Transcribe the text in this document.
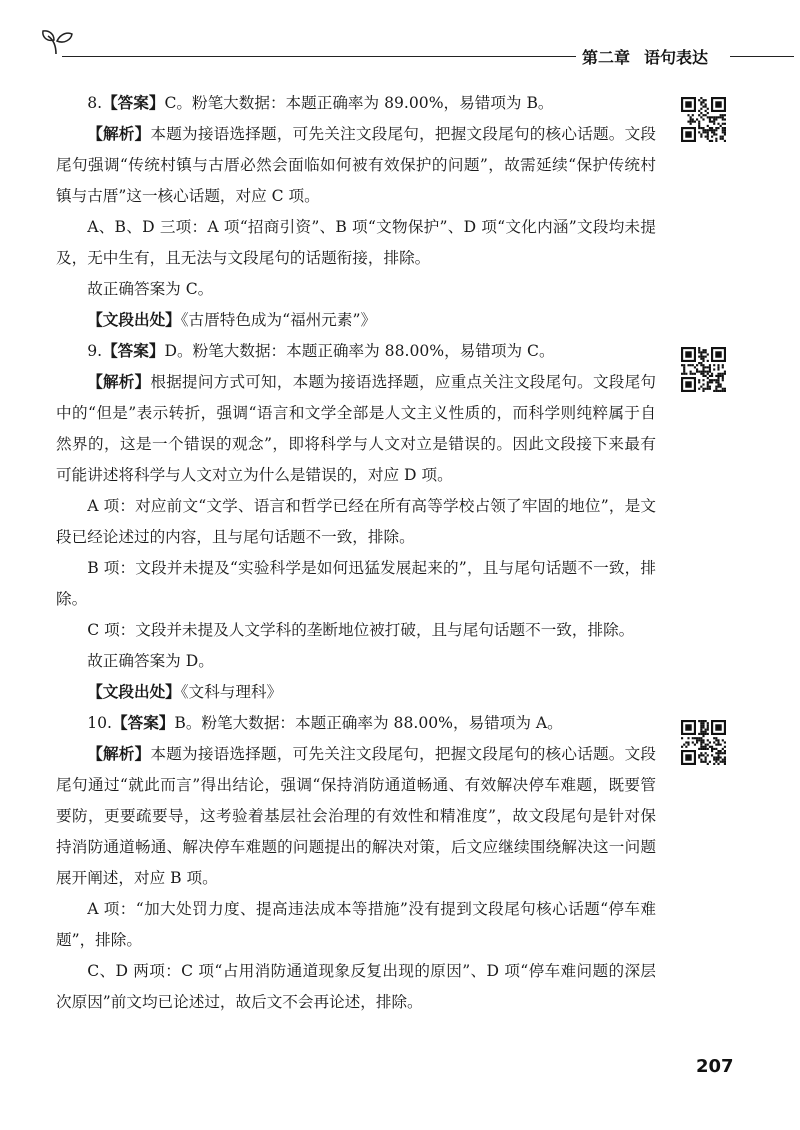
第二章 语句表达

8.【答案】C。粉笔大数据：本题正确率为 89.00%，易错项为 B。

【解析】本题为接语选择题，可先关注文段尾句，把握文段尾句的核心话题。文段尾句强调“传统村镇与古厝必然会面临如何被有效保护的问题”，故需延续“保护传统村镇与古厝”这一核心话题，对应 C 项。

A、B、D 三项：A 项“招商引资”、B 项“文物保护”、D 项“文化内涵”文段均未提及，无中生有，且无法与文段尾句的话题衔接，排除。

故正确答案为 C。

【文段出处】《古厝特色成为“福州元素”》

9.【答案】D。粉笔大数据：本题正确率为 88.00%，易错项为 C。

【解析】根据提问方式可知，本题为接语选择题，应重点关注文段尾句。文段尾句中的“但是”表示转折，强调“语言和文学全部是人文主义性质的，而科学则纯粹属于自然界的，这是一个错误的观念”，即将科学与人文对立是错误的。因此文段接下来最有可能讲述将科学与人文对立为什么是错误的，对应 D 项。

A 项：对应前文“文学、语言和哲学已经在所有高等学校占领了牢固的地位”，是文段已经论述过的内容，且与尾句话题不一致，排除。

B 项：文段并未提及“实验科学是如何迅猛发展起来的”，且与尾句话题不一致，排除。

C 项：文段并未提及人文学科的垄断地位被打破，且与尾句话题不一致，排除。

故正确答案为 D。

【文段出处】《文科与理科》

10.【答案】B。粉笔大数据：本题正确率为 88.00%，易错项为 A。

【解析】本题为接语选择题，可先关注文段尾句，把握文段尾句的核心话题。文段尾句通过“就此而言”得出结论，强调“保持消防通道畅通、有效解决停车难题，既要管要防，更要疏要导，这考验着基层社会治理的有效性和精准度”，故文段尾句是针对保持消防通道畅通、解决停车难题的问题提出的解决对策，后文应继续围绕解决这一问题展开阐述，对应 B 项。

A 项：“加大处罚力度、提高违法成本等措施”没有提到文段尾句核心话题“停车难题”，排除。

C、D 两项：C 项“占用消防通道现象反复出现的原因”、D 项“停车难问题的深层次原因”前文均已论述过，故后文不会再论述，排除。

207
